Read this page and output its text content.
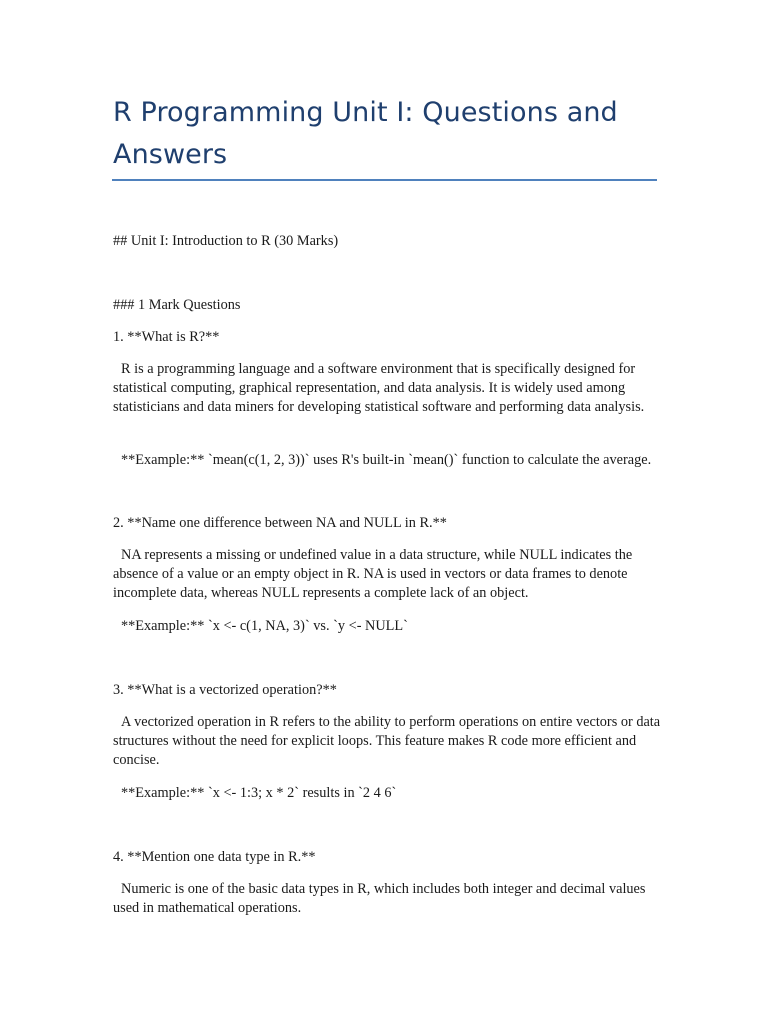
R Programming Unit I: Questions and Answers

## Unit I: Introduction to R (30 Marks)

### 1 Mark Questions

1. **What is R?**

R is a programming language and a software environment that is specifically designed for statistical computing, graphical representation, and data analysis. It is widely used among statisticians and data miners for developing statistical software and performing data analysis.

**Example:** `mean(c(1, 2, 3))` uses R's built-in `mean()` function to calculate the average.

2. **Name one difference between NA and NULL in R.**

NA represents a missing or undefined value in a data structure, while NULL indicates the absence of a value or an empty object in R. NA is used in vectors or data frames to denote incomplete data, whereas NULL represents a complete lack of an object.

**Example:** `x <- c(1, NA, 3)` vs. `y <- NULL`

3. **What is a vectorized operation?**

A vectorized operation in R refers to the ability to perform operations on entire vectors or data structures without the need for explicit loops. This feature makes R code more efficient and concise.

**Example:** `x <- 1:3; x * 2` results in `2 4 6`

4. **Mention one data type in R.**

Numeric is one of the basic data types in R, which includes both integer and decimal values used in mathematical operations.
